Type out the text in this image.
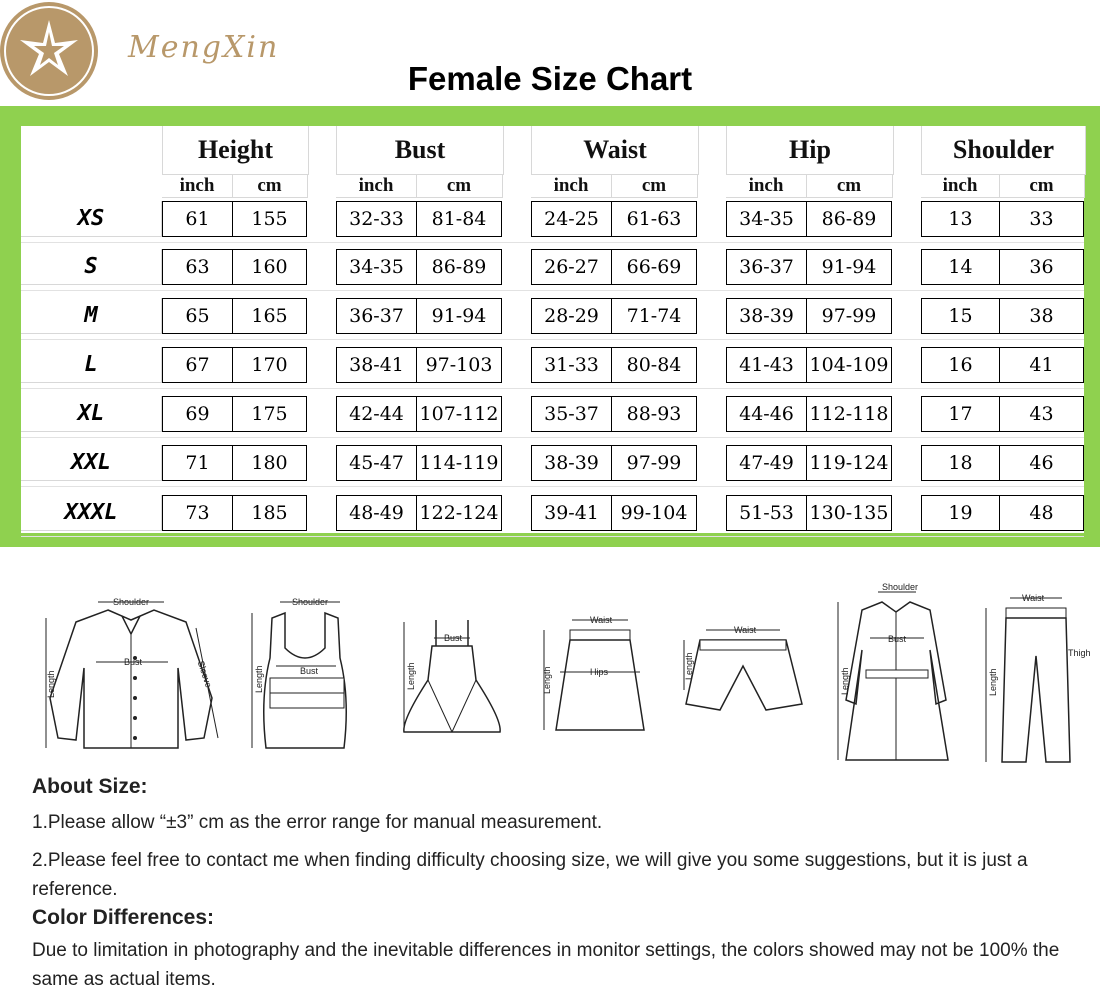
MengXin
Female Size Chart
Height
inch	cm
Bust
inch	cm
Waist
inch	cm
Hip
inch	cm
Shoulder
inch	cm
XS	61	155	32-33	81-84	24-25	61-63	34-35	86-89	13	33
S	63	160	34-35	86-89	26-27	66-69	36-37	91-94	14	36
M	65	165	36-37	91-94	28-29	71-74	38-39	97-99	15	38
L	67	170	38-41	97-103	31-33	80-84	41-43 104-109	16	41
XL	69	175	42-44 107-112	35-37	88-93	44-46 112-118	17	43
XXL	71	180	45-47 114-119	38-39	97-99	47-49 119-124	18	46
XXXL	73	185	48-49 122-124	39-41	99-104	51-53 130-135	19	48
Shoulder
Bust
Length	Sleeve
Shoulder
Bust
Length
Bust
Length
Waist
Hips
Length
Waist
Length
Shoulder
Bust
Length
Waist
Thigh
Length
About Size:
1.Please allow “±3” cm as the error range for manual measurement.
2.Please feel free to contact me when finding difficulty choosing size, we will give you some suggestions, but it is just a reference.
Color Differences:
Due to limitation in photography and the inevitable differences in monitor settings, the colors showed may not be 100% the same as actual items.
